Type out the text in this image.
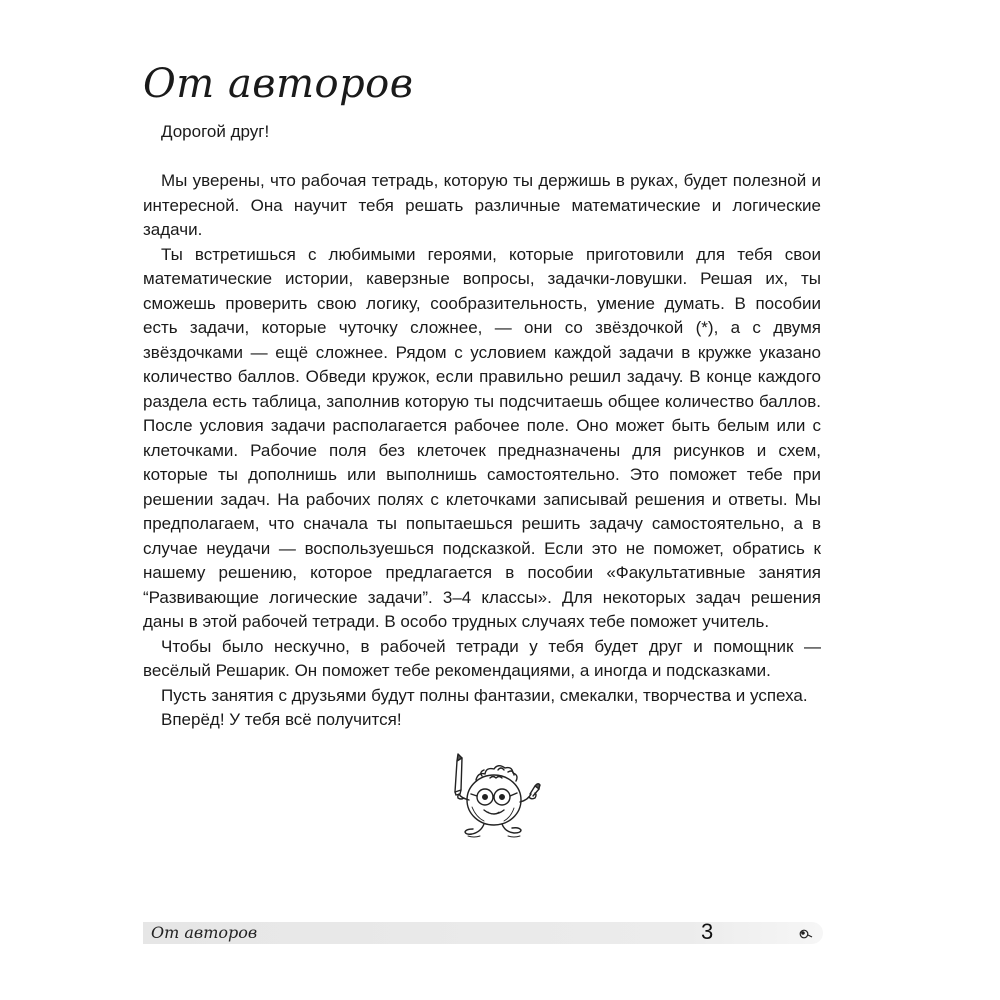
От авторов

Дорогой друг!

Мы уверены, что рабочая тетрадь, которую ты держишь в руках, будет полезной и интересной. Она научит тебя решать различные математические и логические задачи.

Ты встретишься с любимыми героями, которые приготовили для тебя свои математические истории, каверзные вопросы, задачки-ловушки. Решая их, ты сможешь проверить свою логику, сообразительность, умение думать. В пособии есть задачи, которые чуточку сложнее, — они со звёздочкой (*), а с двумя звёздочками — ещё сложнее. Рядом с условием каждой задачи в кружке указано количество баллов. Обведи кружок, если правильно решил задачу. В конце каждого раздела есть таблица, заполнив которую ты подсчитаешь общее количество баллов. После условия задачи располагается рабочее поле. Оно может быть белым или с клеточками. Рабочие поля без клеточек предназначены для рисунков и схем, которые ты дополнишь или выполнишь самостоятельно. Это поможет тебе при решении задач. На рабочих полях с клеточками записывай решения и ответы. Мы предполагаем, что сначала ты попытаешься решить задачу самостоятельно, а в случае неудачи — воспользуешься подсказкой. Если это не поможет, обратись к нашему решению, которое предлагается в пособии «Факультативные занятия “Развивающие логические задачи”. 3–4 классы». Для некоторых задач решения даны в этой рабочей тетради. В особо трудных случаях тебе поможет учитель.

Чтобы было нескучно, в рабочей тетради у тебя будет друг и помощник — весёлый Решарик. Он поможет тебе рекомендациями, а иногда и подсказками.

Пусть занятия с друзьями будут полны фантазии, смекалки, творчества и успеха.

Вперёд! У тебя всё получится!

От авторов	3
